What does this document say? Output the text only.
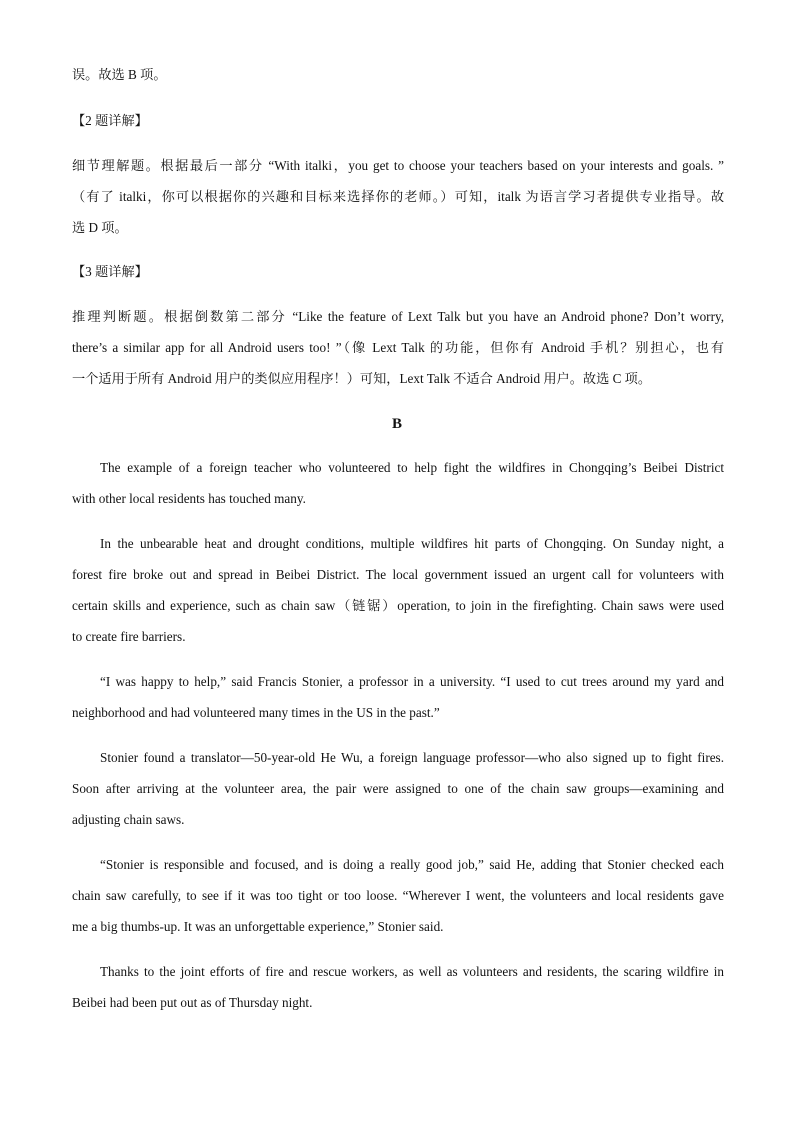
误。故选 B 项。
【2 题详解】
细节理解题。根据最后一部分 “With italki，you get to choose your teachers based on your interests and goals. ”
（有了 italki，你可以根据你的兴趣和目标来选择你的老师。）可知，italk 为语言学习者提供专业指导。故
选 D 项。
【3 题详解】
推理判断题。根据倒数第二部分 “Like the feature of Lext Talk but you have an Android phone? Don’t worry,
there’s a similar app for all Android users too! ”（像 Lext Talk 的功能，但你有 Android 手机？别担心，也有
一个适用于所有 Android 用户的类似应用程序！）可知，Lext Talk 不适合 Android 用户。故选 C 项。
B
The example of a foreign teacher who volunteered to help fight the wildfires in Chongqing’s Beibei District
with other local residents has touched many.
In the unbearable heat and drought conditions, multiple wildfires hit parts of Chongqing. On Sunday night, a
forest fire broke out and spread in Beibei District. The local government issued an urgent call for volunteers with
certain skills and experience, such as chain saw（链锯）operation, to join in the firefighting. Chain saws were used
to create fire barriers.
“I was happy to help,” said Francis Stonier, a professor in a university. “I used to cut trees around my yard and
neighborhood and had volunteered many times in the US in the past.”
Stonier found a translator—50-year-old He Wu, a foreign language professor—who also signed up to fight fires.
Soon after arriving at the volunteer area, the pair were assigned to one of the chain saw groups—examining and
adjusting chain saws.
“Stonier is responsible and focused, and is doing a really good job,” said He, adding that Stonier checked each
chain saw carefully, to see if it was too tight or too loose. “Wherever I went, the volunteers and local residents gave
me a big thumbs-up. It was an unforgettable experience,” Stonier said.
Thanks to the joint efforts of fire and rescue workers, as well as volunteers and residents, the scaring wildfire in
Beibei had been put out as of Thursday night.
